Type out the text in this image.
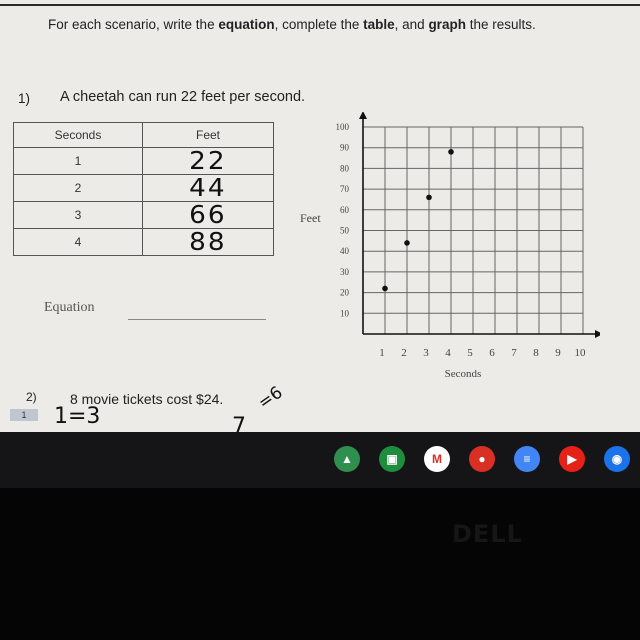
For each scenario, write the equation, complete the table, and graph the results.
1) A cheetah can run 22 feet per second.
Seconds	Feet
1	22
2	44
3	66
4	88
Equation
1 2 3 4 5 6 7 8 9 10
10
20
30
40
50
60
70
80
90
100
Feet
Seconds
2) 8 movie tickets cost $24.
1	1=3
=6
7
▲	▣	M	●	≡	▶	◉
DELL
